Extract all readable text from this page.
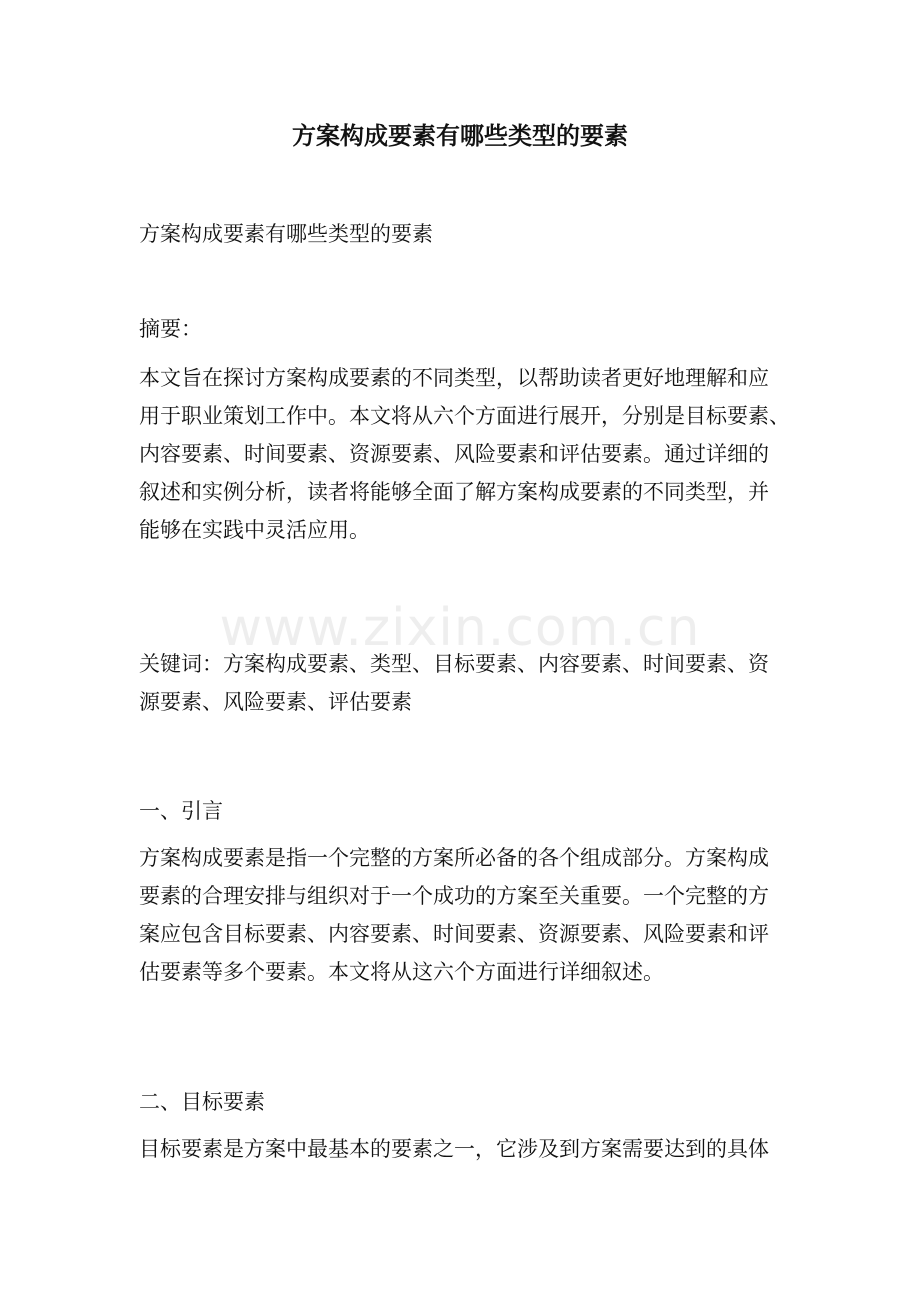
方案构成要素有哪些类型的要素
方案构成要素有哪些类型的要素
摘要：
本文旨在探讨方案构成要素的不同类型，以帮助读者更好地理解和应
用于职业策划工作中。本文将从六个方面进行展开，分别是目标要素、
内容要素、时间要素、资源要素、风险要素和评估要素。通过详细的
叙述和实例分析，读者将能够全面了解方案构成要素的不同类型，并
能够在实践中灵活应用。
关键词：方案构成要素、类型、目标要素、内容要素、时间要素、资
源要素、风险要素、评估要素
一、引言
方案构成要素是指一个完整的方案所必备的各个组成部分。方案构成
要素的合理安排与组织对于一个成功的方案至关重要。一个完整的方
案应包含目标要素、内容要素、时间要素、资源要素、风险要素和评
估要素等多个要素。本文将从这六个方面进行详细叙述。
二、目标要素
目标要素是方案中最基本的要素之一，它涉及到方案需要达到的具体
www.zixin.com.cn
